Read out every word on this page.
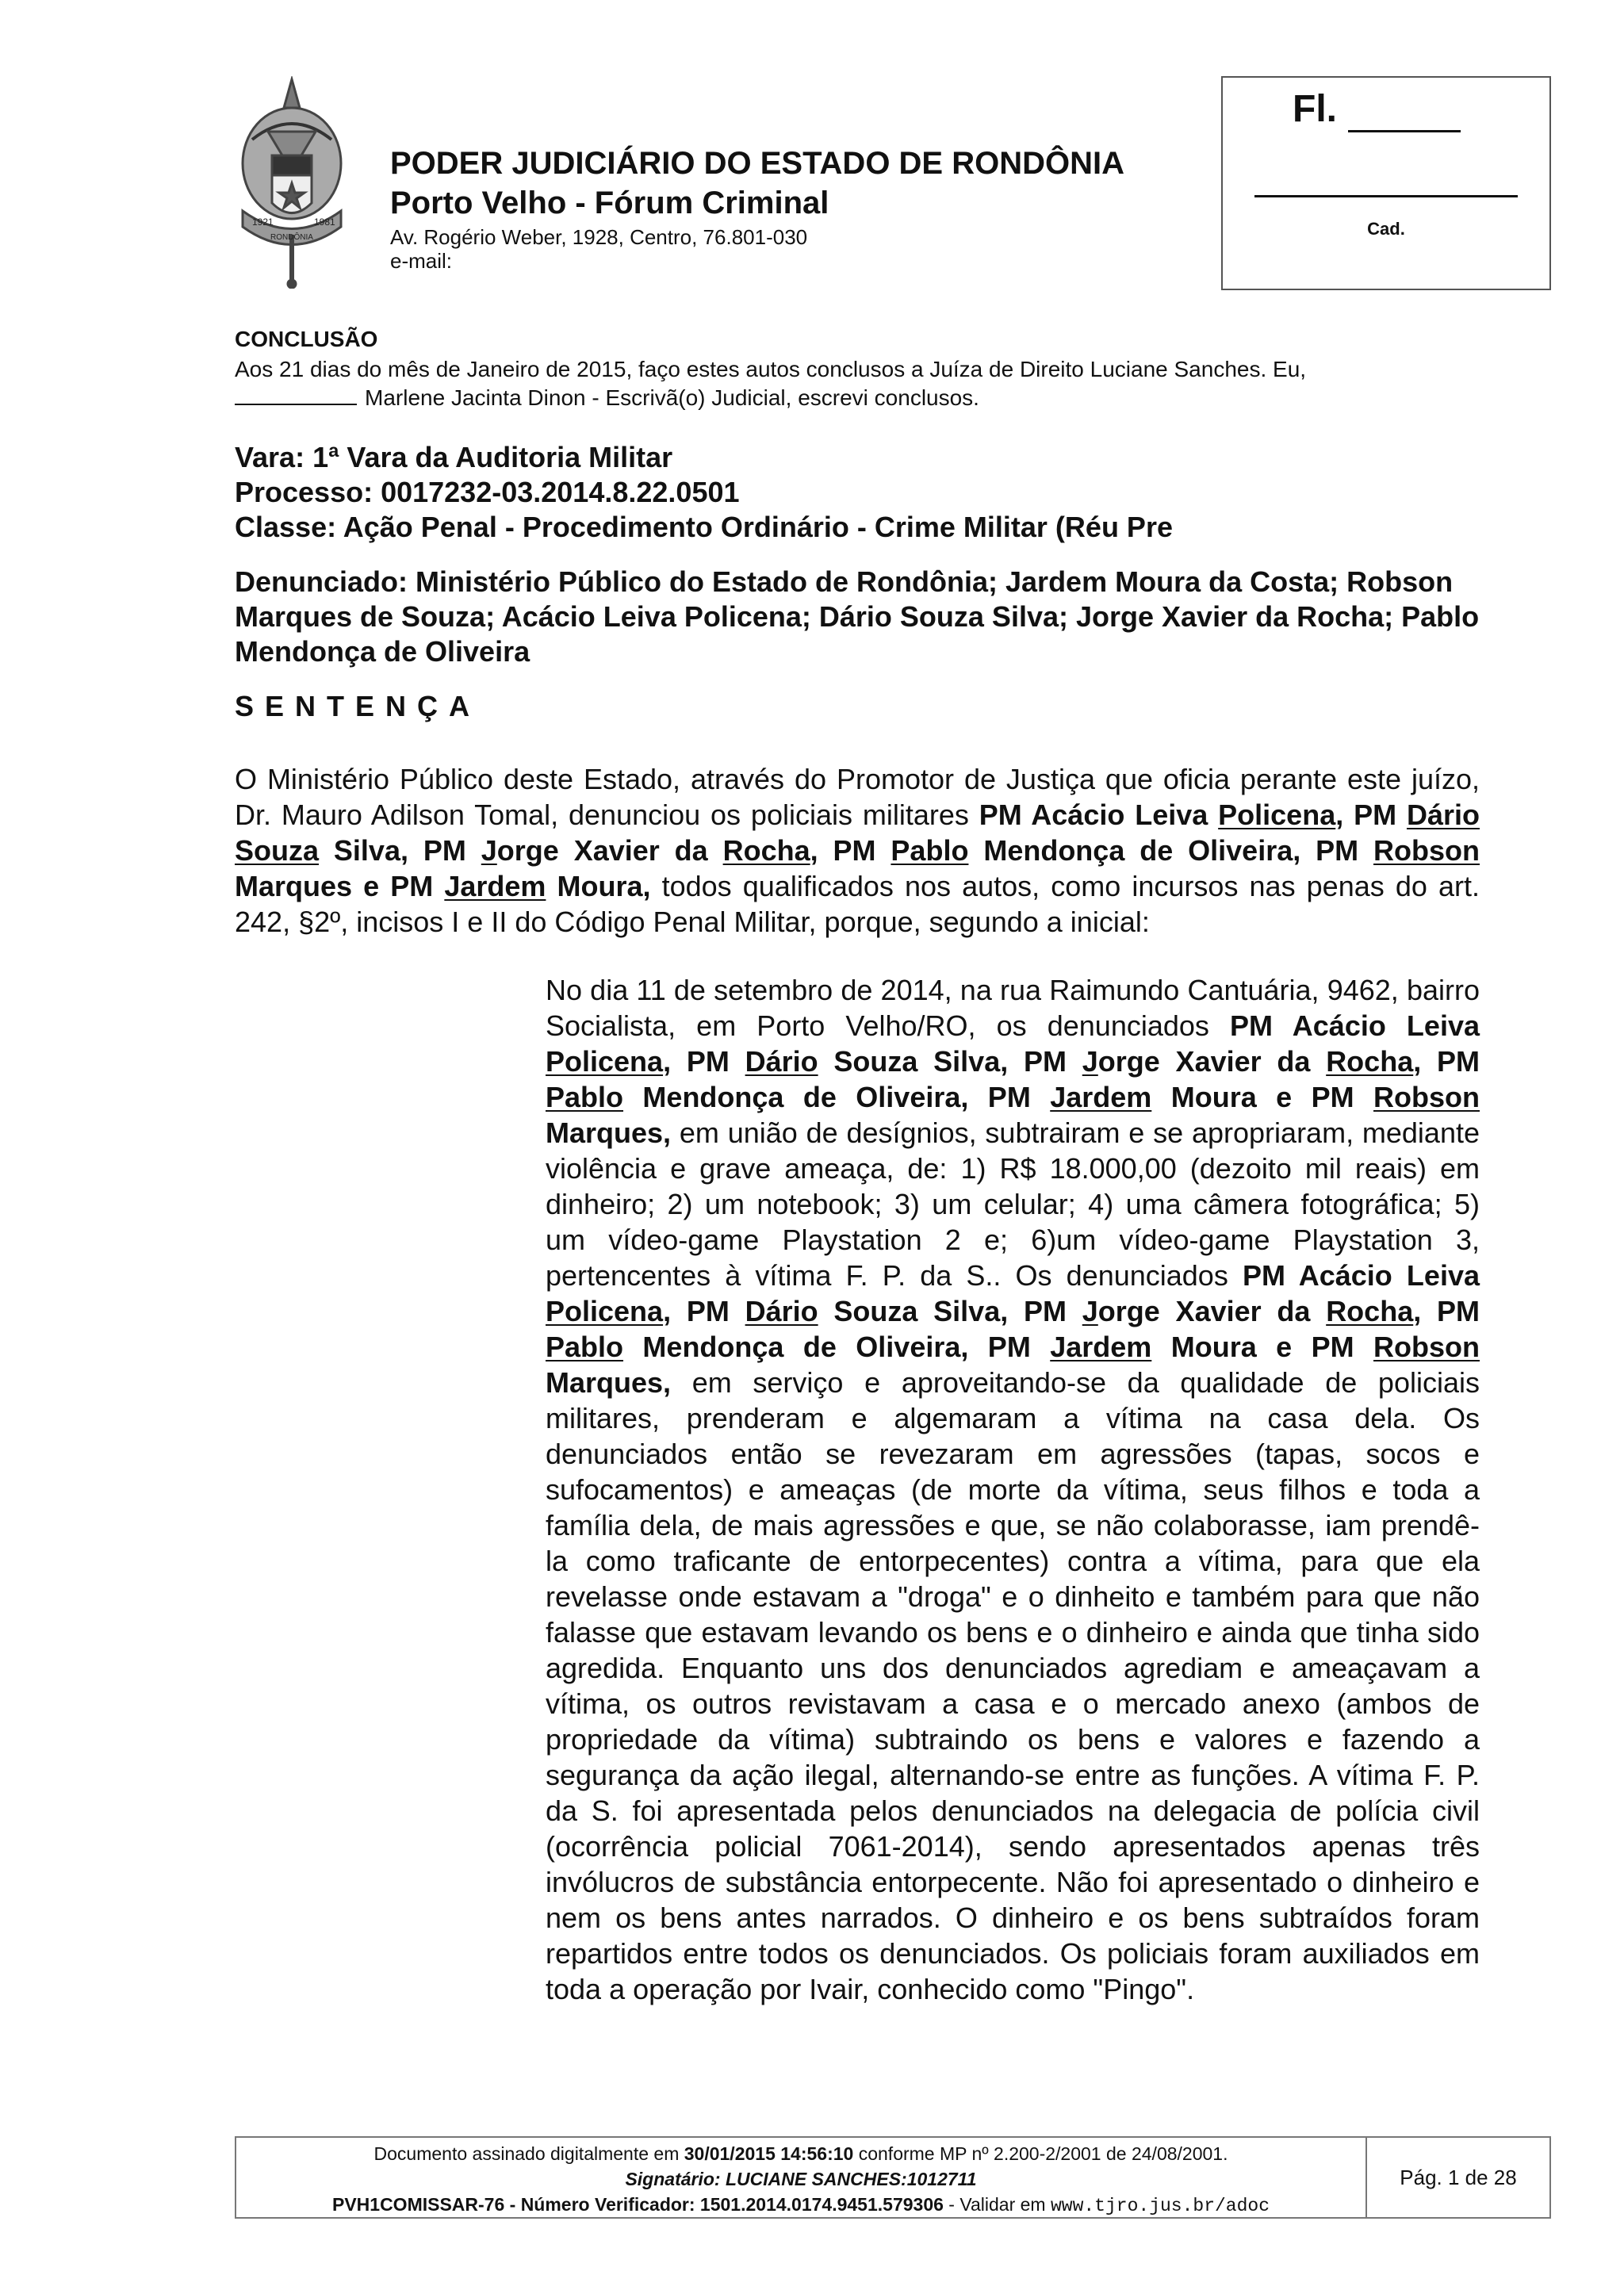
1921	1981
RONDÔNIA
PODER JUDICIÁRIO DO ESTADO DE RONDÔNIA
Porto Velho - Fórum Criminal
Av. Rogério Weber, 1928, Centro, 76.801-030
e-mail:
Fl.
Cad.
CONCLUSÃO
Aos 21 dias do mês de Janeiro de 2015, faço estes autos conclusos a Juíza de Direito Luciane Sanches. Eu,
Marlene Jacinta Dinon - Escrivã(o) Judicial, escrevi conclusos.
Vara: 1ª Vara da Auditoria Militar
Processo: 0017232-03.2014.8.22.0501
Classe: Ação Penal - Procedimento Ordinário - Crime Militar (Réu Pre
Denunciado: Ministério Público do Estado de Rondônia; Jardem Moura da Costa; Robson Marques de Souza; Acácio Leiva Policena; Dário Souza Silva; Jorge Xavier da Rocha; Pablo Mendonça de Oliveira
SENTENÇA
O Ministério Público deste Estado, através do Promotor de Justiça que oficia perante este juízo, Dr. Mauro Adilson Tomal, denunciou os policiais militares PM Acácio Leiva Policena, PM Dário Souza Silva, PM Jorge Xavier da Rocha, PM Pablo Mendonça de Oliveira, PM Robson Marques e PM Jardem Moura, todos qualificados nos autos, como incursos nas penas do art. 242, §2º, incisos I e II do Código Penal Militar, porque, segundo a inicial:
No dia 11 de setembro de 2014, na rua Raimundo Cantuária, 9462, bairro Socialista, em Porto Velho/RO, os denunciados PM Acácio Leiva Policena, PM Dário Souza Silva, PM Jorge Xavier da Rocha, PM Pablo Mendonça de Oliveira, PM Jardem Moura e PM Robson Marques, em união de desígnios, subtrairam e se apropriaram, mediante violência e grave ameaça, de: 1) R$ 18.000,00 (dezoito mil reais) em dinheiro; 2) um notebook; 3) um celular; 4) uma câmera fotográfica; 5) um vídeo-game Playstation 2 e; 6)um vídeo-game Playstation 3, pertencentes à vítima F. P. da S.. Os denunciados PM Acácio Leiva Policena, PM Dário Souza Silva, PM Jorge Xavier da Rocha, PM Pablo Mendonça de Oliveira, PM Jardem Moura e PM Robson Marques, em serviço e aproveitando-se da qualidade de policiais militares, prenderam e algemaram a vítima na casa dela. Os denunciados então se revezaram em agressões (tapas, socos e sufocamentos) e ameaças (de morte da vítima, seus filhos e toda a família dela, de mais agressões e que, se não colaborasse, iam prendê-la como traficante de entorpecentes) contra a vítima, para que ela revelasse onde estavam a "droga" e o dinheito e também para que não falasse que estavam levando os bens e o dinheiro e ainda que tinha sido agredida. Enquanto uns dos denunciados agrediam e ameaçavam a vítima, os outros revistavam a casa e o mercado anexo (ambos de propriedade da vítima) subtraindo os bens e valores e fazendo a segurança da ação ilegal, alternando-se entre as funções. A vítima F. P. da S. foi apresentada pelos denunciados na delegacia de polícia civil (ocorrência policial 7061-2014), sendo apresentados apenas três invólucros de substância entorpecente. Não foi apresentado o dinheiro e nem os bens antes narrados. O dinheiro e os bens subtraídos foram repartidos entre todos os denunciados. Os policiais foram auxiliados em toda a operação por Ivair, conhecido como "Pingo".
Documento assinado digitalmente em 30/01/2015 14:56:10 conforme MP nº 2.200-2/2001 de 24/08/2001.
Signatário: LUCIANE SANCHES:1012711
PVH1COMISSAR-76 - Número Verificador: 1501.2014.0174.9451.579306 - Validar em www.tjro.jus.br/adoc
Pág. 1 de 28
